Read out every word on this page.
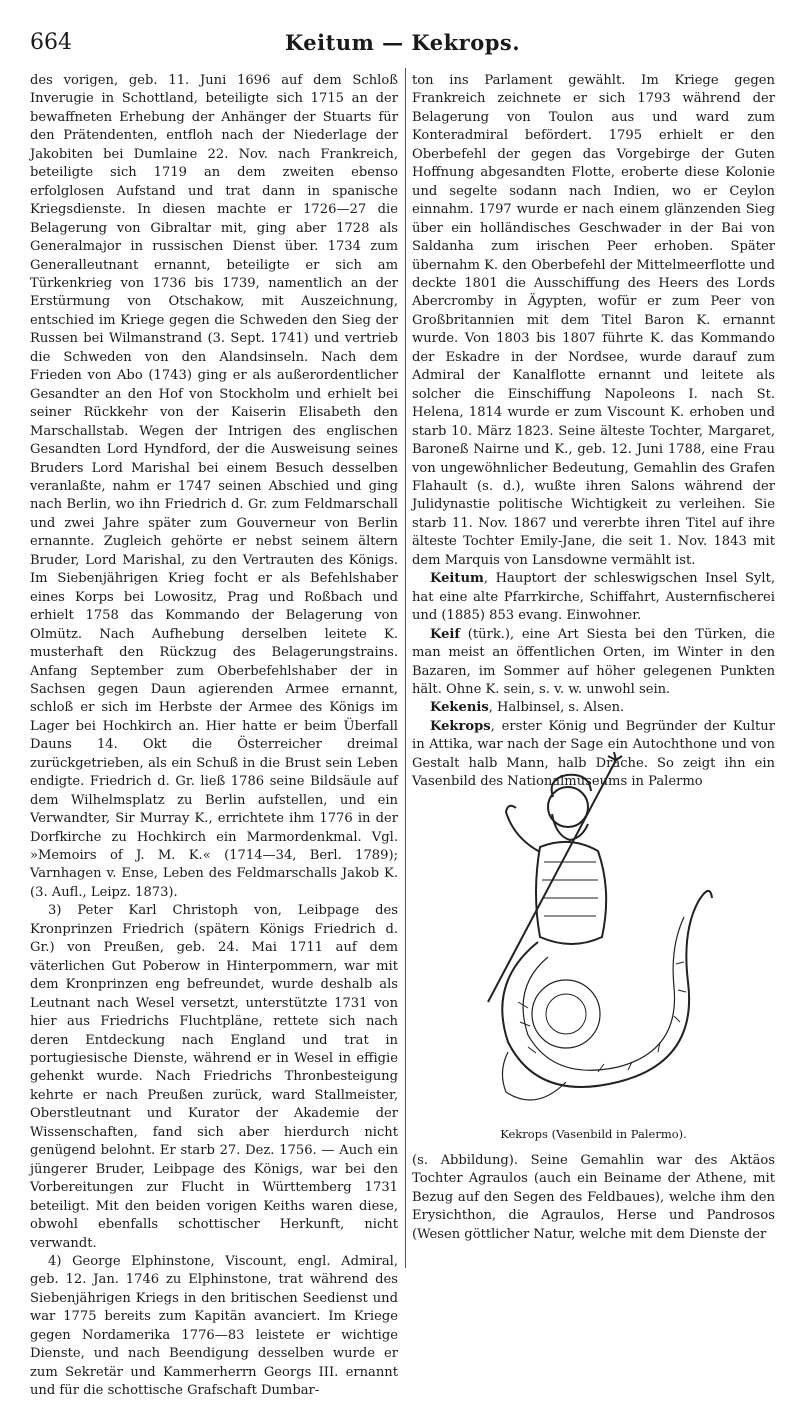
664	Keitum — Kekrops.

des vorigen, geb. 11. Juni 1696 auf dem Schloß Inverugie in Schottland, beteiligte sich 1715 an der bewaffneten Erhebung der Anhänger der Stuarts für den Prätendenten, entfloh nach der Niederlage der Jakobiten bei Dumlaine 22. Nov. nach Frankreich, beteiligte sich 1719 an dem zweiten ebenso erfolglosen Aufstand und trat dann in spanische Kriegsdienste. In diesen machte er 1726—27 die Belagerung von Gibraltar mit, ging aber 1728 als Generalmajor in russischen Dienst über. 1734 zum Generalleutnant ernannt, beteiligte er sich am Türkenkrieg von 1736 bis 1739, namentlich an der Erstürmung von Otschakow, mit Auszeichnung, entschied im Kriege gegen die Schweden den Sieg der Russen bei Wilmanstrand (3. Sept. 1741) und vertrieb die Schweden von den Alandsinseln. Nach dem Frieden von Abo (1743) ging er als außerordentlicher Gesandter an den Hof von Stockholm und erhielt bei seiner Rückkehr von der Kaiserin Elisabeth den Marschallstab. Wegen der Intrigen des englischen Gesandten Lord Hyndford, der die Ausweisung seines Bruders Lord Marishal bei einem Besuch desselben veranlaßte, nahm er 1747 seinen Abschied und ging nach Berlin, wo ihn Friedrich d. Gr. zum Feldmarschall und zwei Jahre später zum Gouverneur von Berlin ernannte. Zugleich gehörte er nebst seinem ältern Bruder, Lord Marishal, zu den Vertrauten des Königs. Im Siebenjährigen Krieg focht er als Befehlshaber eines Korps bei Lowositz, Prag und Roßbach und erhielt 1758 das Kommando der Belagerung von Olmütz. Nach Aufhebung derselben leitete K. musterhaft den Rückzug des Belagerungstrains. Anfang September zum Oberbefehlshaber der in Sachsen gegen Daun agierenden Armee ernannt, schloß er sich im Herbste der Armee des Königs im Lager bei Hochkirch an. Hier hatte er beim Überfall Dauns 14. Okt die Österreicher dreimal zurückgetrieben, als ein Schuß in die Brust sein Leben endigte. Friedrich d. Gr. ließ 1786 seine Bildsäule auf dem Wilhelmsplatz zu Berlin aufstellen, und ein Verwandter, Sir Murray K., errichtete ihm 1776 in der Dorfkirche zu Hochkirch ein Marmordenkmal. Vgl. »Memoirs of J. M. K.« (1714—34, Berl. 1789); Varnhagen v. Ense, Leben des Feldmarschalls Jakob K. (3. Aufl., Leipz. 1873).

3) Peter Karl Christoph von, Leibpage des Kronprinzen Friedrich (spätern Königs Friedrich d. Gr.) von Preußen, geb. 24. Mai 1711 auf dem väterlichen Gut Poberow in Hinterpommern, war mit dem Kronprinzen eng befreundet, wurde deshalb als Leutnant nach Wesel versetzt, unterstützte 1731 von hier aus Friedrichs Fluchtpläne, rettete sich nach deren Entdeckung nach England und trat in portugiesische Dienste, während er in Wesel in effigie gehenkt wurde. Nach Friedrichs Thronbesteigung kehrte er nach Preußen zurück, ward Stallmeister, Oberstleutnant und Kurator der Akademie der Wissenschaften, fand sich aber hierdurch nicht genügend belohnt. Er starb 27. Dez. 1756. — Auch ein jüngerer Bruder, Leibpage des Königs, war bei den Vorbereitungen zur Flucht in Württemberg 1731 beteiligt. Mit den beiden vorigen Keiths waren diese, obwohl ebenfalls schottischer Herkunft, nicht verwandt.

4) George Elphinstone, Viscount, engl. Admiral, geb. 12. Jan. 1746 zu Elphinstone, trat während des Siebenjährigen Kriegs in den britischen Seedienst und war 1775 bereits zum Kapitän avanciert. Im Kriege gegen Nordamerika 1776—83 leistete er wichtige Dienste, und nach Beendigung desselben wurde er zum Sekretär und Kammerherrn Georgs III. ernannt und für die schottische Grafschaft Dumbar-

ton ins Parlament gewählt. Im Kriege gegen Frankreich zeichnete er sich 1793 während der Belagerung von Toulon aus und ward zum Konteradmiral befördert. 1795 erhielt er den Oberbefehl der gegen das Vorgebirge der Guten Hoffnung abgesandten Flotte, eroberte diese Kolonie und segelte sodann nach Indien, wo er Ceylon einnahm. 1797 wurde er nach einem glänzenden Sieg über ein holländisches Geschwader in der Bai von Saldanha zum irischen Peer erhoben. Später übernahm K. den Oberbefehl der Mittelmeerflotte und deckte 1801 die Ausschiffung des Heers des Lords Abercromby in Ägypten, wofür er zum Peer von Großbritannien mit dem Titel Baron K. ernannt wurde. Von 1803 bis 1807 führte K. das Kommando der Eskadre in der Nordsee, wurde darauf zum Admiral der Kanalflotte ernannt und leitete als solcher die Einschiffung Napoleons I. nach St. Helena, 1814 wurde er zum Viscount K. erhoben und starb 10. März 1823. Seine älteste Tochter, Margaret, Baroneß Nairne und K., geb. 12. Juni 1788, eine Frau von ungewöhnlicher Bedeutung, Gemahlin des Grafen Flahault (s. d.), wußte ihren Salons während der Julidynastie politische Wichtigkeit zu verleihen. Sie starb 11. Nov. 1867 und vererbte ihren Titel auf ihre älteste Tochter Emily-Jane, die seit 1. Nov. 1843 mit dem Marquis von Lansdowne vermählt ist.

Keitum, Hauptort der schleswigschen Insel Sylt, hat eine alte Pfarrkirche, Schiffahrt, Austernfischerei und (1885) 853 evang. Einwohner.

Keif (türk.), eine Art Siesta bei den Türken, die man meist an öffentlichen Orten, im Winter in den Bazaren, im Sommer auf höher gelegenen Punkten hält. Ohne K. sein, s. v. w. unwohl sein.

Kekenis, Halbinsel, s. Alsen.

Kekrops, erster König und Begründer der Kultur in Attika, war nach der Sage ein Autochthone und von Gestalt halb Mann, halb Drache. So zeigt ihn ein Vasenbild des Nationalmuseums in Palermo

Kekrops (Vasenbild in Palermo).

(s. Abbildung). Seine Gemahlin war des Aktäos Tochter Agraulos (auch ein Beiname der Athene, mit Bezug auf den Segen des Feldbaues), welche ihm den Erysichthon, die Agraulos, Herse und Pandrosos (Wesen göttlicher Natur, welche mit dem Dienste der
